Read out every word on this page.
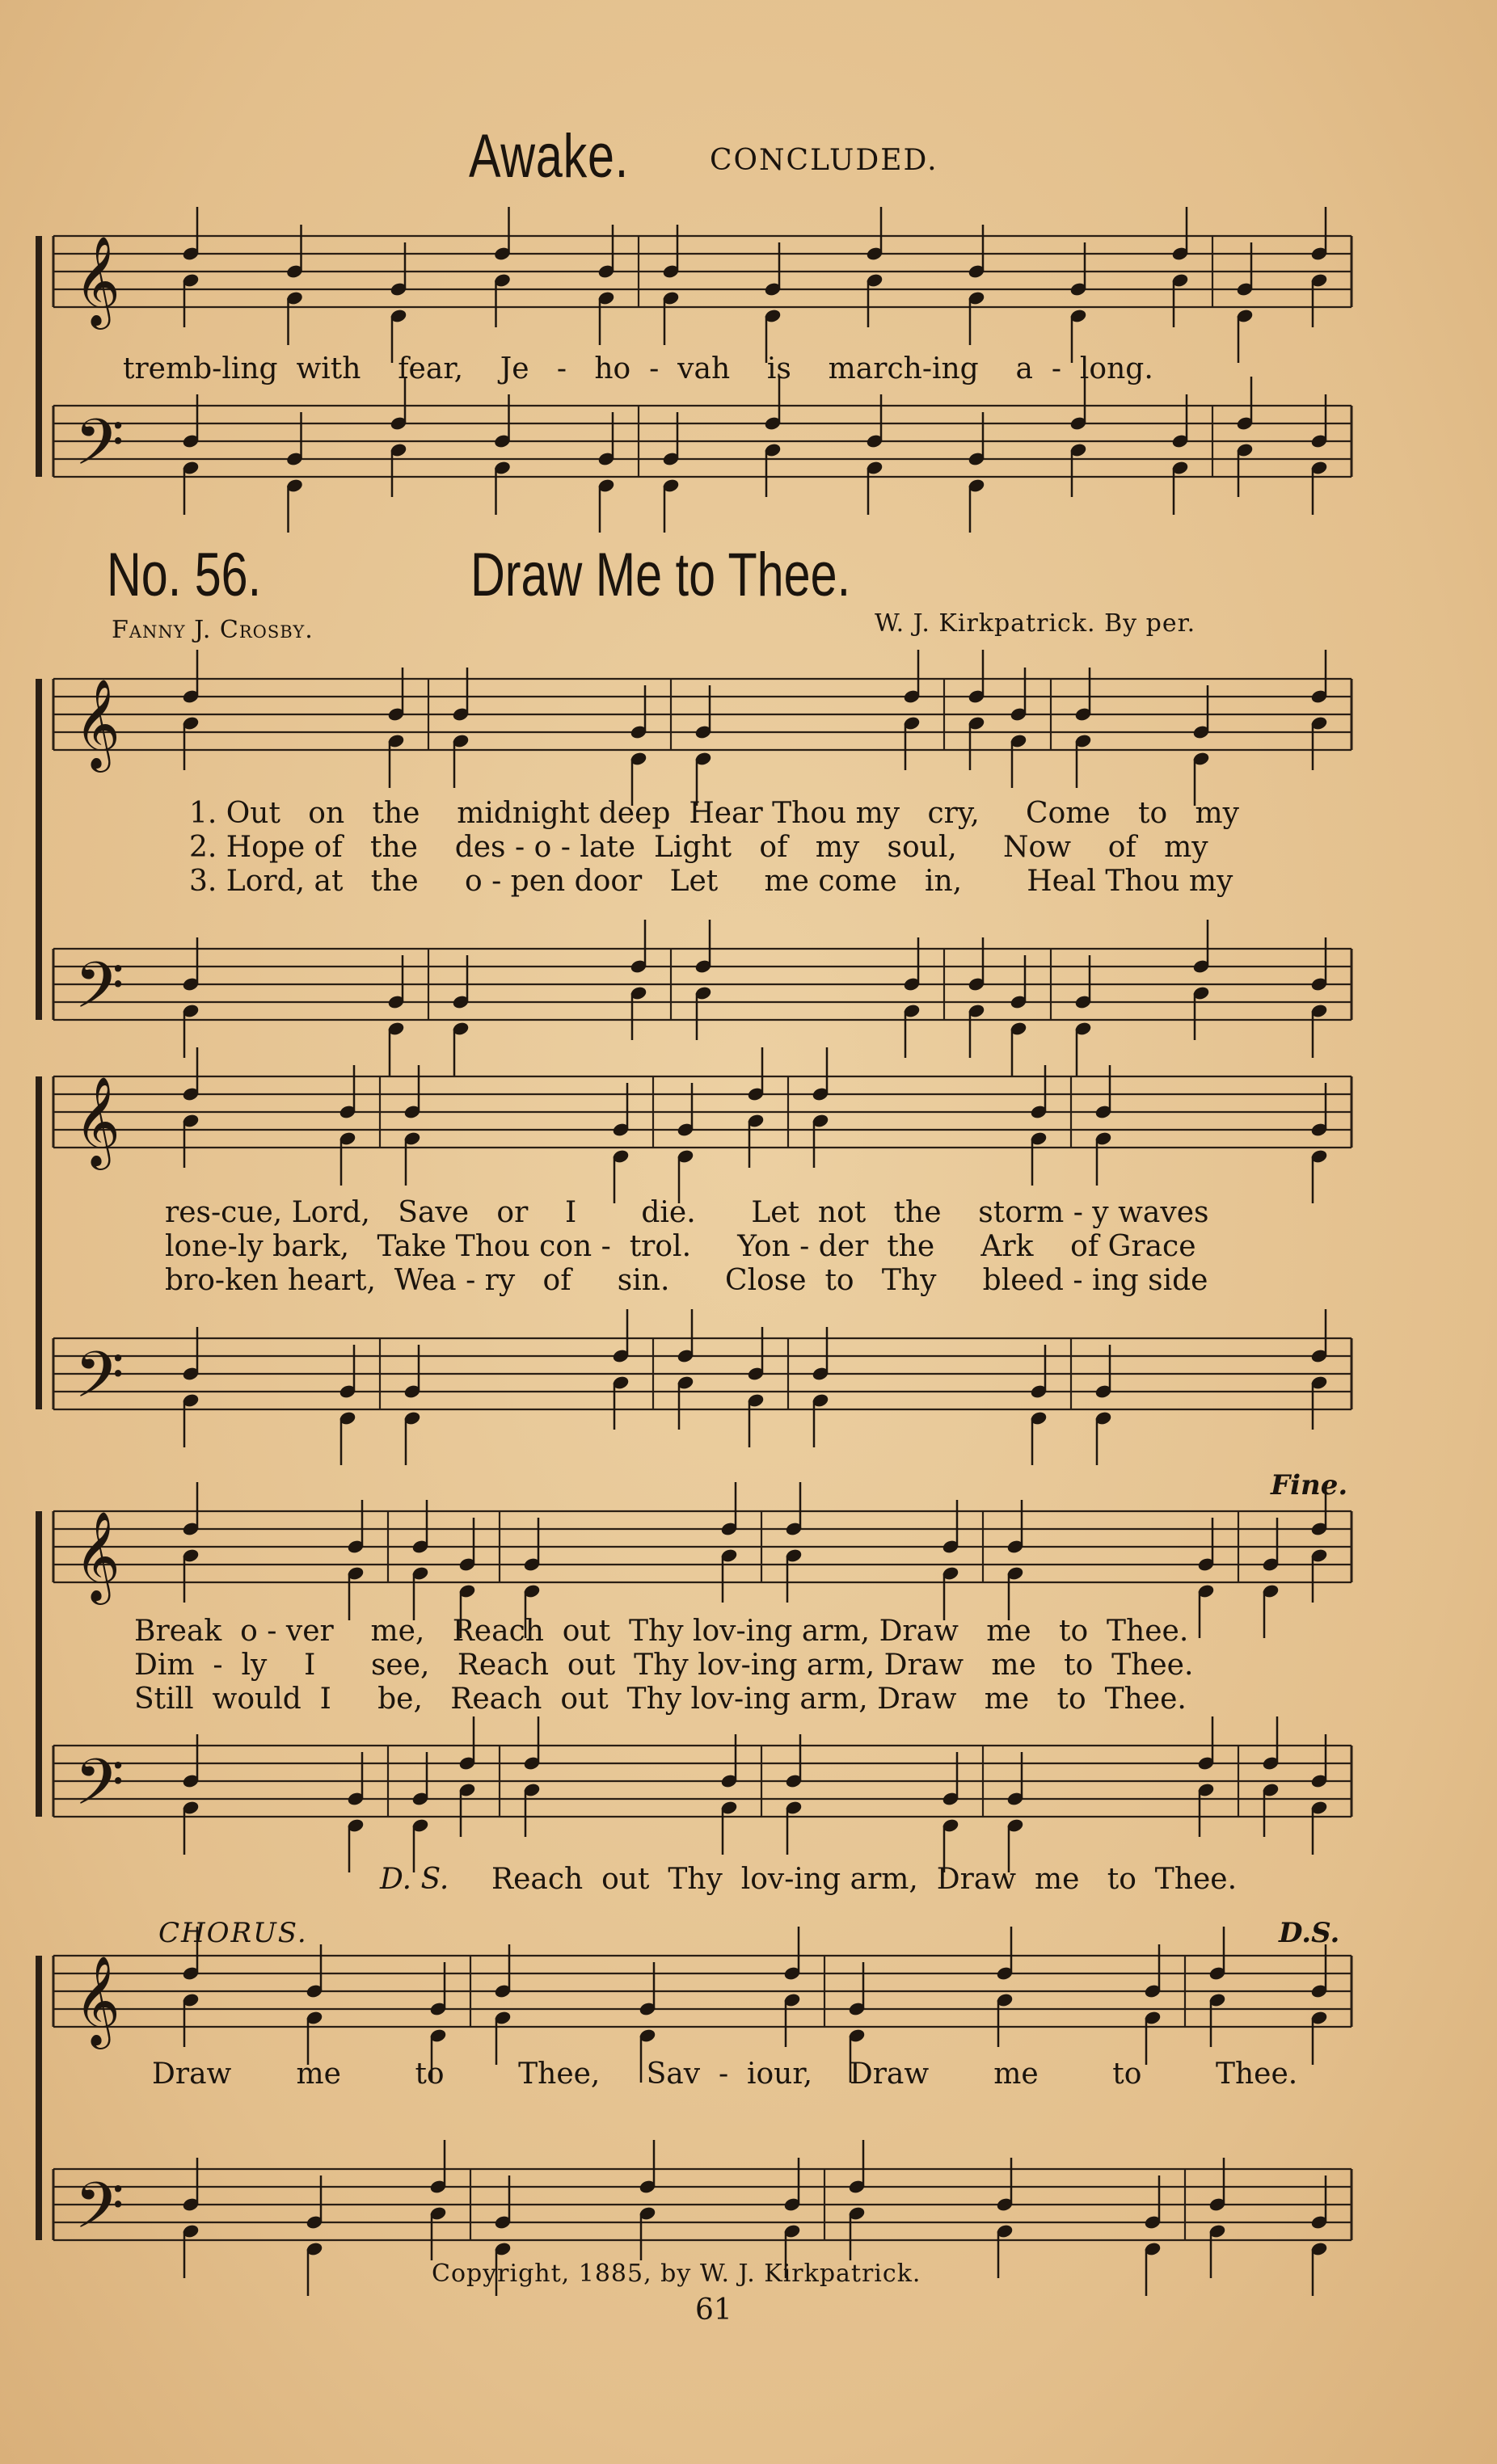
Awake.	CONCLUDED.
No. 56.	Draw Me to Thee.
Fanny J. Crosby.	W. J. Kirkpatrick. By per.
𝄞
𝄢
𝄞
𝄢
𝄞
𝄢
𝄞
𝄢
𝄞
𝄢
tremb-ling  with    fear,    Je   -   ho  -  vah    is    march-ing    a  -  long.
1. Out   on   the    midnight deep  Hear Thou my   cry,     Come   to   my
2. Hope of   the    des - o - late  Light   of   my   soul,     Now    of   my
3. Lord, at   the     o - pen door   Let     me come   in,       Heal Thou my
res-cue, Lord,   Save   or    I       die.      Let  not   the    storm - y waves
lone-ly bark,   Take Thou con -  trol.     Yon - der  the     Ark    of Grace
bro-ken heart,  Wea - ry   of     sin.      Close  to   Thy     bleed - ing side
Fine.
Break  o - ver    me,   Reach  out  Thy lov-ing arm, Draw   me   to  Thee.
Dim  -  ly    I      see,   Reach  out  Thy lov-ing arm, Draw   me   to  Thee.
Still  would  I     be,   Reach  out  Thy lov-ing arm, Draw   me   to  Thee.
D. S. Reach  out  Thy  lov-ing arm,  Draw  me   to  Thee.
CHORUS.	D.S.
Draw       me        to        Thee,     Sav  -  iour,    Draw       me        to        Thee.
Copyright, 1885, by W. J. Kirkpatrick.
61
